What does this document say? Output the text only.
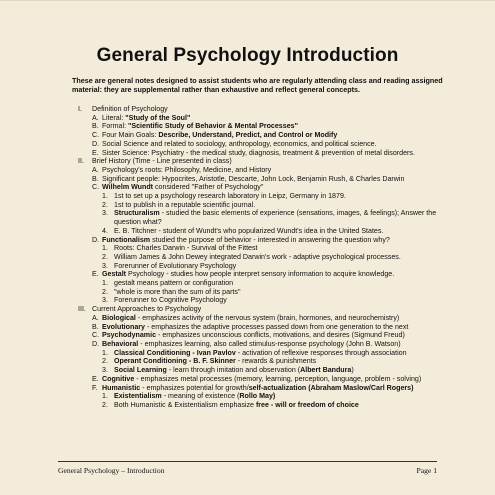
General Psychology Introduction
These are general notes designed to assist students who are regularly attending class and reading assigned material: they are supplemental rather than exhaustive and reflect general concepts.
I.	Definition of Psychology
A. Literal: "Study of the Soul"
B. Formal: "Scientific Study of Behavior & Mental Processes"
C. Four Main Goals: Describe, Understand, Predict, and Control or Modify
D. Social Science and related to sociology, anthropology, economics, and political science.
E. Sister Science: Psychiatry - the medical study, diagnosis, treatment & prevention of metal disorders.
II.	Brief History (Time - Line presented in class)
A. Psychology's roots: Philosophy, Medicine, and History
B. Significant people: Hypocrites, Aristotle, Descarte, John Lock, Benjamin Rush, & Charles Darwin
C. Wilhelm Wundt considered "Father of Psychology"
1. 1st to set up a psychology research laboratory in Leipz, Germany in 1879.
2. 1st to publish in a reputable scientific journal.
3. Structuralism - studied the basic elements of experience (sensations, images, & feelings); Answer the question what?
4. E. B. Titchner - student of Wundt's who popularized Wundt's idea in the United States.
D. Functionalism studied the purpose of behavior - interested in answering the question why?
1. Roots: Charles Darwin - Survival of the Fittest
2. William James & John Dewey integrated Darwin's work - adaptive psychological processes.
3. Forerunner of Evolutionary Psychology
E. Gestalt Psychology - studies how people interpret sensory information to acquire knowledge.
1. gestalt means pattern or configuration
2. "whole is more than the sum of its parts"
3. Forerunner to Cognitive Psychology
III. Current Approaches to Psychology
A. Biological - emphasizes activity of the nervous system (brain, hormones, and neurochemistry)
B. Evolutionary - emphasizes the adaptive processes passed down from one generation to the next
C. Psychodynamic - emphasizes unconscious conflicts, motivations, and desires (Sigmund Freud)
D. Behavioral - emphasizes learning, also called stimulus-response psychology (John B. Watson)
1. Classical Conditioning - Ivan Pavlov - activation of reflexive responses through association
2. Operant Conditioning - B. F. Skinner - rewards & punishments
3. Social Learning - learn through imitation and observation (Albert Bandura)
E. Cognitive - emphasizes metal processes (memory, learning, perception, language, problem - solving)
F. Humanistic - emphasizes potential for growth/self-actualization (Abraham Maslow/Carl Rogers)
1. Existentialism - meaning of existence (Rollo May)
2. Both Humanistic & Existentialism emphasize free - will or freedom of choice
General Psychology – Introduction	Page 1
